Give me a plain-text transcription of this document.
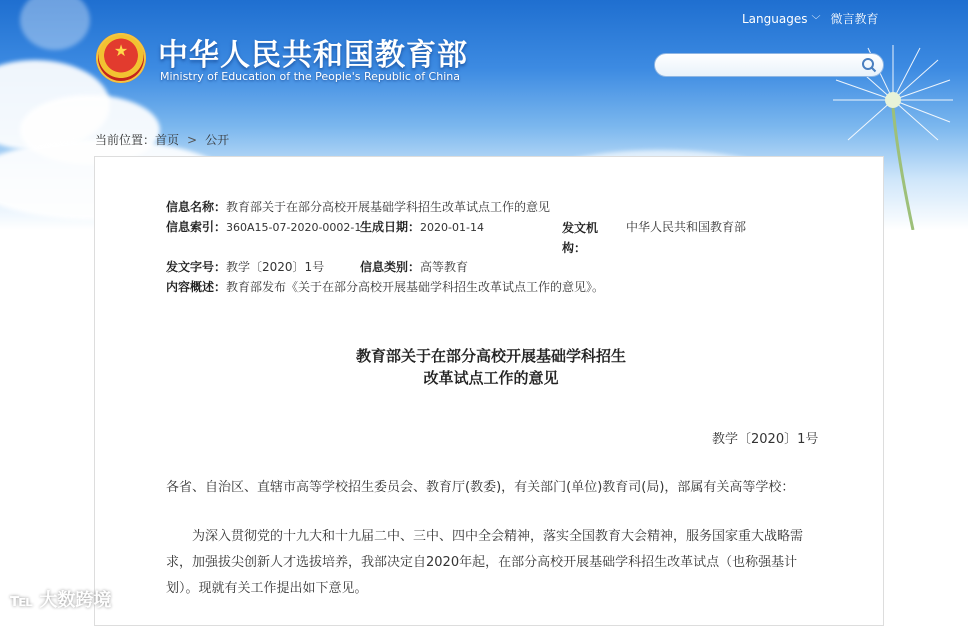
★
中华人民共和国教育部
Ministry of Education of the People's Republic of China
Languages ﹀ 微言教育
当前位置：首页 > 公开
信息名称：教育部关于在部分高校开展基础学科招生改革试点工作的意见
信息索引：360A15-07-2020-0002-1
生成日期：2020-01-14	发文机
构：
中华人民共和国教育部
发文字号：教学〔2020〕1号	信息类别：高等教育
内容概述：教育部发布《关于在部分高校开展基础学科招生改革试点工作的意见》。
教育部关于在部分高校开展基础学科招生
改革试点工作的意见
教学〔2020〕1号
各省、自治区、直辖市高等学校招生委员会、教育厅(教委)，有关部门(单位)教育司(局)，部属有关高等学校：
为深入贯彻党的十九大和十九届二中、三中、四中全会精神，落实全国教育大会精神，服务国家重大战略需求，加强拔尖创新人才选拔培养，我部决定自2020年起，在部分高校开展基础学科招生改革试点（也称强基计划）。现就有关工作提出如下意见。
℡ 大数跨境
